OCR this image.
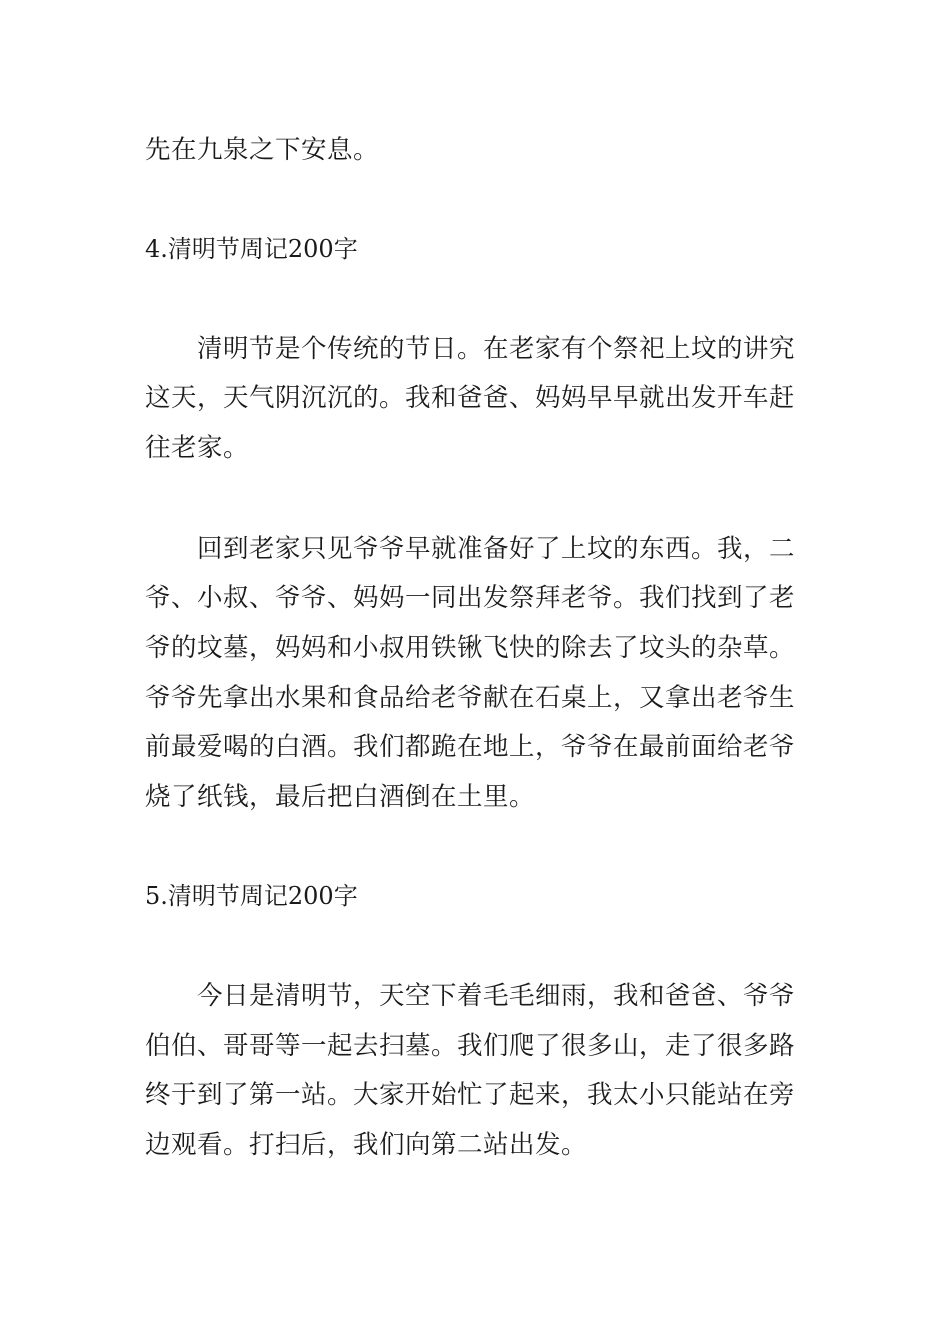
先在九泉之下安息。
4.清明节周记200字
清明节是个传统的节日。在老家有个祭祀上坟的讲究
这天，天气阴沉沉的。我和爸爸、妈妈早早就出发开车赶
往老家。
回到老家只见爷爷早就准备好了上坟的东西。我，二
爷、小叔、爷爷、妈妈一同出发祭拜老爷。我们找到了老
爷的坟墓，妈妈和小叔用铁锹飞快的除去了坟头的杂草。
爷爷先拿出水果和食品给老爷献在石桌上，又拿出老爷生
前最爱喝的白酒。我们都跪在地上，爷爷在最前面给老爷
烧了纸钱，最后把白酒倒在土里。
5.清明节周记200字
今日是清明节，天空下着毛毛细雨，我和爸爸、爷爷
伯伯、哥哥等一起去扫墓。我们爬了很多山，走了很多路
终于到了第一站。大家开始忙了起来，我太小只能站在旁
边观看。打扫后，我们向第二站出发。
